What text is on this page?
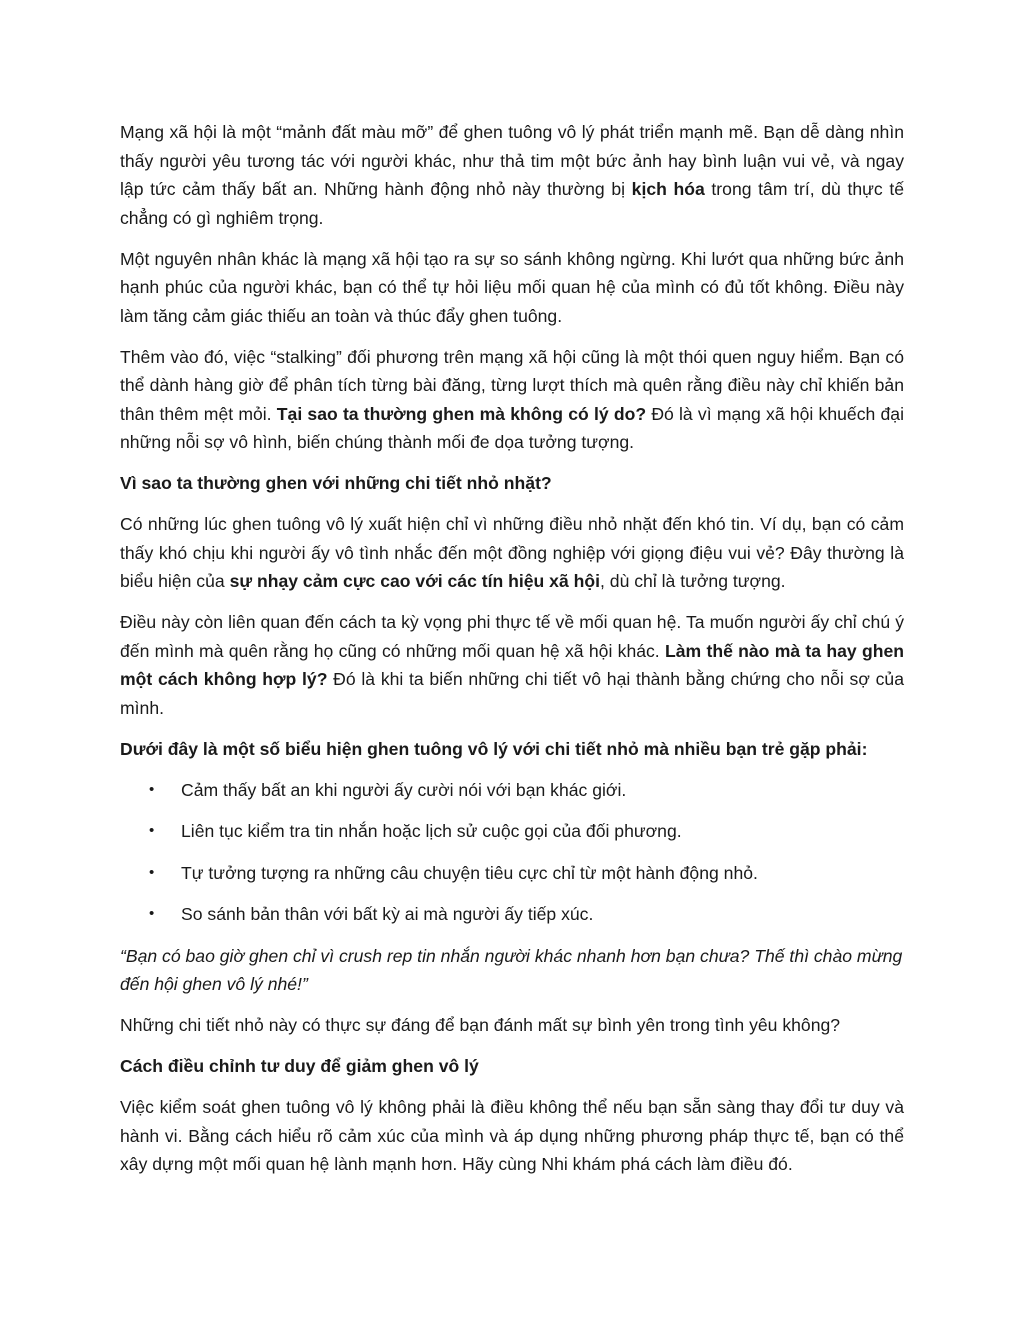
Mạng xã hội là một “mảnh đất màu mỡ” để ghen tuông vô lý phát triển mạnh mẽ. Bạn dễ dàng nhìn thấy người yêu tương tác với người khác, như thả tim một bức ảnh hay bình luận vui vẻ, và ngay lập tức cảm thấy bất an. Những hành động nhỏ này thường bị kịch hóa trong tâm trí, dù thực tế chẳng có gì nghiêm trọng.

Một nguyên nhân khác là mạng xã hội tạo ra sự so sánh không ngừng. Khi lướt qua những bức ảnh hạnh phúc của người khác, bạn có thể tự hỏi liệu mối quan hệ của mình có đủ tốt không. Điều này làm tăng cảm giác thiếu an toàn và thúc đẩy ghen tuông.

Thêm vào đó, việc “stalking” đối phương trên mạng xã hội cũng là một thói quen nguy hiểm. Bạn có thể dành hàng giờ để phân tích từng bài đăng, từng lượt thích mà quên rằng điều này chỉ khiến bản thân thêm mệt mỏi. Tại sao ta thường ghen mà không có lý do? Đó là vì mạng xã hội khuếch đại những nỗi sợ vô hình, biến chúng thành mối đe dọa tưởng tượng.

Vì sao ta thường ghen với những chi tiết nhỏ nhặt?

Có những lúc ghen tuông vô lý xuất hiện chỉ vì những điều nhỏ nhặt đến khó tin. Ví dụ, bạn có cảm thấy khó chịu khi người ấy vô tình nhắc đến một đồng nghiệp với giọng điệu vui vẻ? Đây thường là biểu hiện của sự nhạy cảm cực cao với các tín hiệu xã hội, dù chỉ là tưởng tượng.

Điều này còn liên quan đến cách ta kỳ vọng phi thực tế về mối quan hệ. Ta muốn người ấy chỉ chú ý đến mình mà quên rằng họ cũng có những mối quan hệ xã hội khác. Làm thế nào mà ta hay ghen một cách không hợp lý? Đó là khi ta biến những chi tiết vô hại thành bằng chứng cho nỗi sợ của mình.

Dưới đây là một số biểu hiện ghen tuông vô lý với chi tiết nhỏ mà nhiều bạn trẻ gặp phải:

• Cảm thấy bất an khi người ấy cười nói với bạn khác giới.
• Liên tục kiểm tra tin nhắn hoặc lịch sử cuộc gọi của đối phương.
• Tự tưởng tượng ra những câu chuyện tiêu cực chỉ từ một hành động nhỏ.
• So sánh bản thân với bất kỳ ai mà người ấy tiếp xúc.

“Bạn có bao giờ ghen chỉ vì crush rep tin nhắn người khác nhanh hơn bạn chưa? Thế thì chào mừng đến hội ghen vô lý nhé!”

Những chi tiết nhỏ này có thực sự đáng để bạn đánh mất sự bình yên trong tình yêu không?

Cách điều chỉnh tư duy để giảm ghen vô lý

Việc kiểm soát ghen tuông vô lý không phải là điều không thể nếu bạn sẵn sàng thay đổi tư duy và hành vi. Bằng cách hiểu rõ cảm xúc của mình và áp dụng những phương pháp thực tế, bạn có thể xây dựng một mối quan hệ lành mạnh hơn. Hãy cùng Nhi khám phá cách làm điều đó.
